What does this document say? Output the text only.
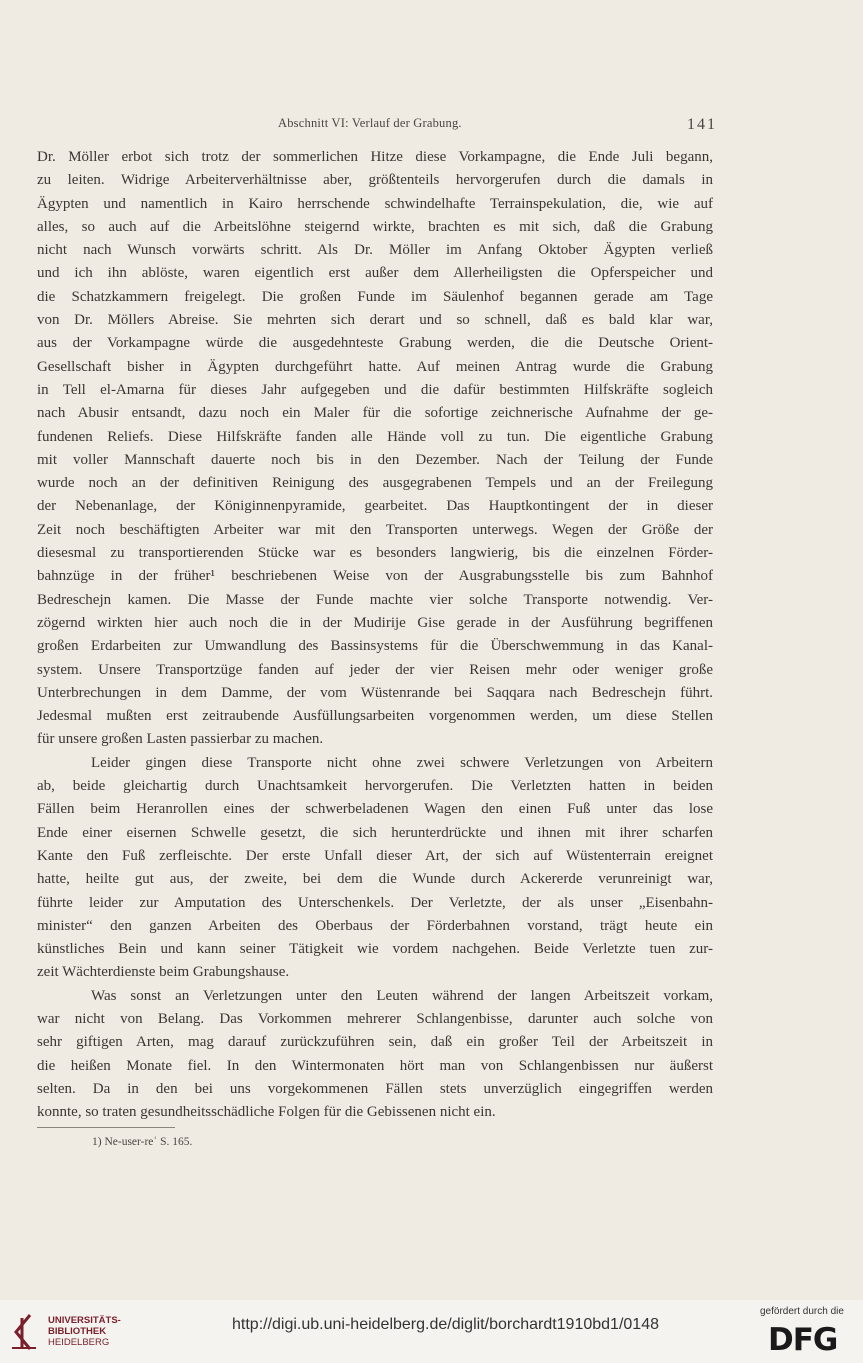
Abschnitt VI: Verlauf der Grabung.	141
Dr. Möller erbot sich trotz der sommerlichen Hitze diese Vorkampagne, die Ende Juli begann,
zu leiten. Widrige Arbeiterverhältnisse aber, größtenteils hervorgerufen durch die damals in
Ägypten und namentlich in Kairo herrschende schwindelhafte Terrainspekulation, die, wie auf
alles, so auch auf die Arbeitslöhne steigernd wirkte, brachten es mit sich, daß die Grabung
nicht nach Wunsch vorwärts schritt. Als Dr. Möller im Anfang Oktober Ägypten verließ
und ich ihn ablöste, waren eigentlich erst außer dem Allerheiligsten die Opferspeicher und
die Schatzkammern freigelegt. Die großen Funde im Säulenhof begannen gerade am Tage
von Dr. Möllers Abreise. Sie mehrten sich derart und so schnell, daß es bald klar war,
aus der Vorkampagne würde die ausgedehnteste Grabung werden, die die Deutsche Orient-
Gesellschaft bisher in Ägypten durchgeführt hatte. Auf meinen Antrag wurde die Grabung
in Tell el-Amarna für dieses Jahr aufgegeben und die dafür bestimmten Hilfskräfte sogleich
nach Abusir entsandt, dazu noch ein Maler für die sofortige zeichnerische Aufnahme der ge-
fundenen Reliefs. Diese Hilfskräfte fanden alle Hände voll zu tun. Die eigentliche Grabung
mit voller Mannschaft dauerte noch bis in den Dezember. Nach der Teilung der Funde
wurde noch an der definitiven Reinigung des ausgegrabenen Tempels und an der Freilegung
der Nebenanlage, der Königinnenpyramide, gearbeitet. Das Hauptkontingent der in dieser
Zeit noch beschäftigten Arbeiter war mit den Transporten unterwegs. Wegen der Größe der
diesesmal zu transportierenden Stücke war es besonders langwierig, bis die einzelnen Förder-
bahnzüge in der früher¹ beschriebenen Weise von der Ausgrabungsstelle bis zum Bahnhof
Bedreschejn kamen. Die Masse der Funde machte vier solche Transporte notwendig. Ver-
zögernd wirkten hier auch noch die in der Mudirije Gise gerade in der Ausführung begriffenen
großen Erdarbeiten zur Umwandlung des Bassinsystems für die Überschwemmung in das Kanal-
system. Unsere Transportzüge fanden auf jeder der vier Reisen mehr oder weniger große
Unterbrechungen in dem Damme, der vom Wüstenrande bei Saqqara nach Bedreschejn führt.
Jedesmal mußten erst zeitraubende Ausfüllungsarbeiten vorgenommen werden, um diese Stellen
für unsere großen Lasten passierbar zu machen.
Leider gingen diese Transporte nicht ohne zwei schwere Verletzungen von Arbeitern
ab, beide gleichartig durch Unachtsamkeit hervorgerufen. Die Verletzten hatten in beiden
Fällen beim Heranrollen eines der schwerbeladenen Wagen den einen Fuß unter das lose
Ende einer eisernen Schwelle gesetzt, die sich herunterdrückte und ihnen mit ihrer scharfen
Kante den Fuß zerfleischte. Der erste Unfall dieser Art, der sich auf Wüstenterrain ereignet
hatte, heilte gut aus, der zweite, bei dem die Wunde durch Ackererde verunreinigt war,
führte leider zur Amputation des Unterschenkels. Der Verletzte, der als unser „Eisenbahn-
minister“ den ganzen Arbeiten des Oberbaus der Förderbahnen vorstand, trägt heute ein
künstliches Bein und kann seiner Tätigkeit wie vordem nachgehen. Beide Verletzte tuen zur-
zeit Wächterdienste beim Grabungshause.
Was sonst an Verletzungen unter den Leuten während der langen Arbeitszeit vorkam,
war nicht von Belang. Das Vorkommen mehrerer Schlangenbisse, darunter auch solche von
sehr giftigen Arten, mag darauf zurückzuführen sein, daß ein großer Teil der Arbeitszeit in
die heißen Monate fiel. In den Wintermonaten hört man von Schlangenbissen nur äußerst
selten. Da in den bei uns vorgekommenen Fällen stets unverzüglich eingegriffen werden
konnte, so traten gesundheitsschädliche Folgen für die Gebissenen nicht ein.
1) Ne-user-reʿ S. 165.
UNIVERSITÄTS-
BIBLIOTHEK
HEIDELBERG
http://digi.ub.uni-heidelberg.de/diglit/borchardt1910bd1/0148
gefördert durch die
DFG
